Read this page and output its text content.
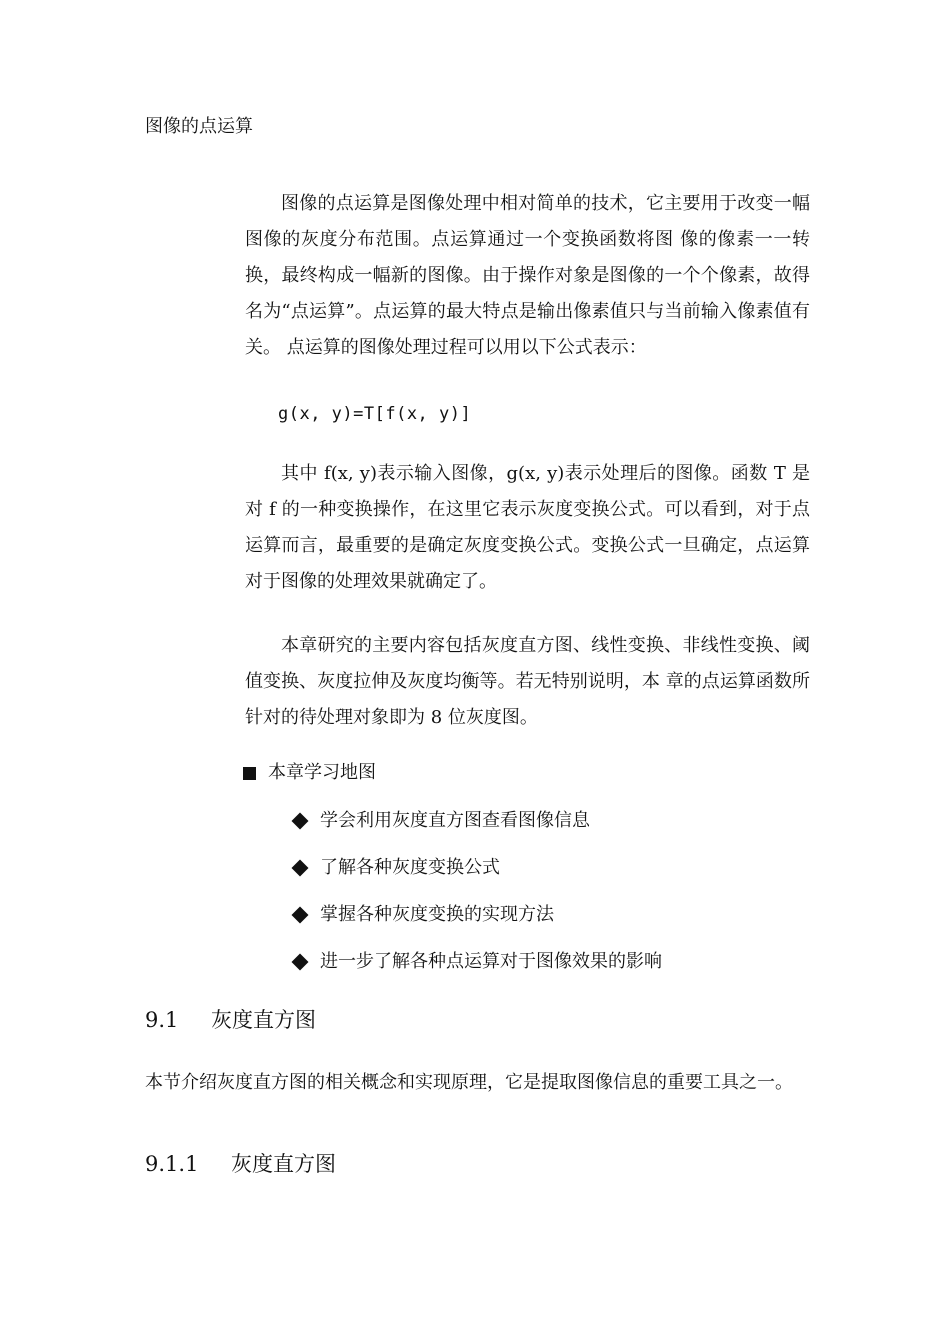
图像的点运算

图像的点运算是图像处理中相对简单的技术，它主要用于改变一幅图像的灰度分布范围。点运算通过一个变换函数将图 像的像素一一转换，最终构成一幅新的图像。由于操作对象是图像的一个个像素，故得名为“点运算”。点运算的最大特点是输出像素值只与当前输入像素值有关。 点运算的图像处理过程可以用以下公式表示：

g(x, y)=T[f(x, y)]

其中 f(x, y)表示输入图像，g(x, y)表示处理后的图像。函数 T 是对 f 的一种变换操作，在这里它表示灰度变换公式。可以看到，对于点运算而言，最重要的是确定灰度变换公式。变换公式一旦确定，点运算对于图像的处理效果就确定了。

本章研究的主要内容包括灰度直方图、线性变换、非线性变换、阈值变换、灰度拉伸及灰度均衡等。若无特别说明，本 章的点运算函数所针对的待处理对象即为 8 位灰度图。

本章学习地图
学会利用灰度直方图查看图像信息
了解各种灰度变换公式
掌握各种灰度变换的实现方法
进一步了解各种点运算对于图像效果的影响
9.1	灰度直方图

本节介绍灰度直方图的相关概念和实现原理，它是提取图像信息的重要工具之一。

9.1.1	灰度直方图
